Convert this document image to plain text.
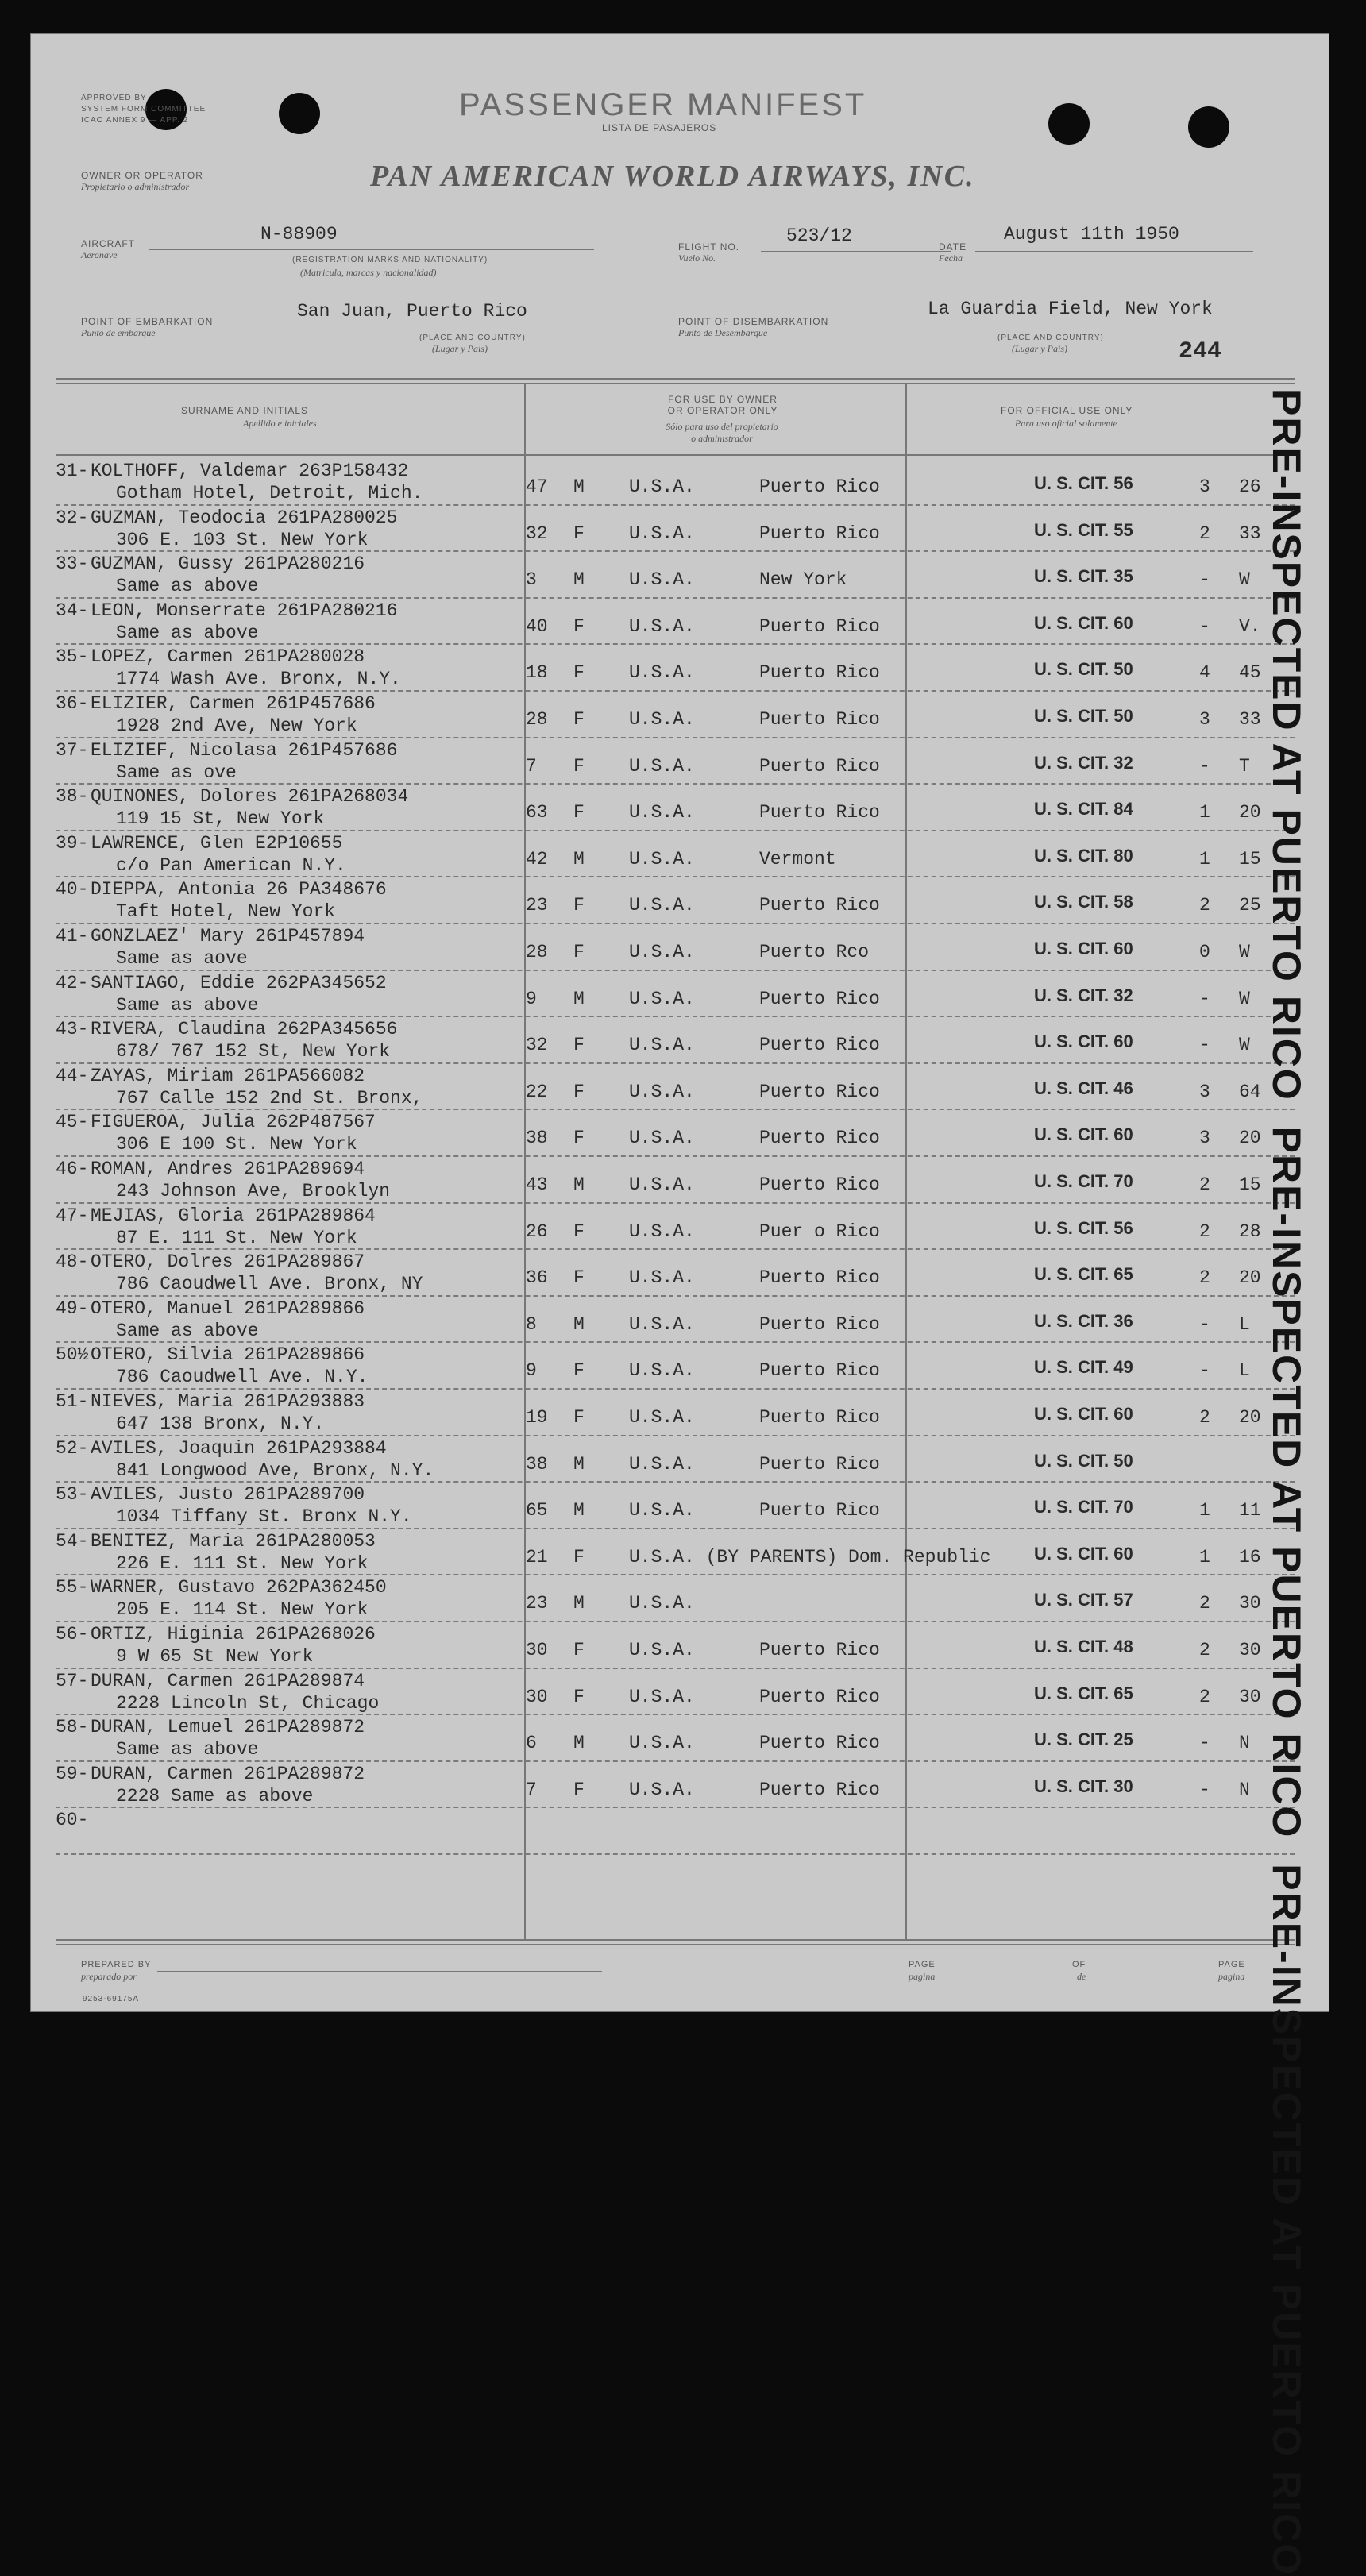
APPROVED BY
SYSTEM FORM COMMITTEE
ICAO ANNEX 9 — APP. 2	PASSENGER MANIFEST
LISTA DE PASAJEROS
OWNER OR OPERATOR
Propietario o administrador	PAN AMERICAN WORLD AIRWAYS, INC.
AIRCRAFT
Aeronave
N-88909
(REGISTRATION MARKS AND NATIONALITY)
(Matricula, marcas y nacionalidad)
FLIGHT NO.
Vuelo No.
523/12
DATE
Fecha
August 11th 1950
POINT OF EMBARKATION
Punto de embarque
San Juan, Puerto Rico
(PLACE AND COUNTRY)
(Lugar y Pais)
POINT OF DISEMBARKATION
Punto de Desembarque
La Guardia Field, New York
(PLACE AND COUNTRY)
(Lugar y Pais)	244
SURNAME AND INITIALS
Apellido e iniciales
FOR USE BY OWNER
OR OPERATOR ONLY
Sólo para uso del propietario
o administrador
FOR OFFICIAL USE ONLY
Para uso oficial solamente
31- KOLTHOFF, Valdemar 263P158432
Gotham Hotel, Detroit, Mich.	47 M U.S.A.	Puerto Rico	U. S. CIT. 56	3 26
32- GUZMAN, Teodocia 261PA280025
306 E. 103 St. New York	32 F U.S.A.	Puerto Rico	U. S. CIT. 55	2 33
33- GUZMAN, Gussy 261PA280216
Same as above	3 M U.S.A.	New York	U. S. CIT. 35	- W
34- LEON, Monserrate 261PA280216
Same as above	40 F U.S.A.	Puerto Rico	U. S. CIT. 60	- V.
35- LOPEZ, Carmen 261PA280028
1774 Wash Ave. Bronx, N.Y.	18 F U.S.A.	Puerto Rico	U. S. CIT. 50	4 45
36- ELIZIER, Carmen 261P457686
1928 2nd Ave, New York	28 F U.S.A.	Puerto Rico	U. S. CIT. 50	3 33
37- ELIZIEF, Nicolasa 261P457686
Same as ove	7 F U.S.A.	Puerto Rico	U. S. CIT. 32	- T
38- QUINONES, Dolores 261PA268034
119 15 St, New York	63 F U.S.A.	Puerto Rico	U. S. CIT. 84	1 20
39- LAWRENCE, Glen E2P10655
c/o Pan American N.Y.	42 M U.S.A.	Vermont	U. S. CIT. 80	1 15
40- DIEPPA, Antonia 26 PA348676
Taft Hotel, New York	23 F U.S.A.	Puerto Rico	U. S. CIT. 58	2 25
41- GONZLAEZ' Mary 261P457894
Same as aove	28 F U.S.A.	Puerto Rco	U. S. CIT. 60	0 W
42- SANTIAGO, Eddie 262PA345652
Same as above	9 M U.S.A.	Puerto Rico	U. S. CIT. 32	- W
43- RIVERA, Claudina 262PA345656
678/ 767 152 St, New York	32 F U.S.A.	Puerto Rico	U. S. CIT. 60	- W
44- ZAYAS, Miriam 261PA566082
767 Calle 152 2nd St. Bronx,	22 F U.S.A.	Puerto Rico	U. S. CIT. 46	3 64
45- FIGUEROA, Julia 262P487567
306 E 100 St. New York	38 F U.S.A.	Puerto Rico	U. S. CIT. 60	3 20
46- ROMAN, Andres 261PA289694
243 Johnson Ave, Brooklyn	43 M U.S.A.	Puerto Rico	U. S. CIT. 70	2 15
47- MEJIAS, Gloria 261PA289864
87 E. 111 St. New York	26 F U.S.A.	Puer o Rico	U. S. CIT. 56	2 28
48- OTERO, Dolres 261PA289867
786 Caoudwell Ave. Bronx, NY	36 F U.S.A.	Puerto Rico	U. S. CIT. 65	2 20
49- OTERO, Manuel 261PA289866
Same as above	8 M U.S.A.	Puerto Rico	U. S. CIT. 36	- L
50½ OTERO, Silvia 261PA289866
786 Caoudwell Ave. N.Y.	9 F U.S.A.	Puerto Rico	U. S. CIT. 49	- L
51- NIEVES, Maria 261PA293883
647 138 Bronx, N.Y.	19 F U.S.A.	Puerto Rico	U. S. CIT. 60	2 20
52- AVILES, Joaquin 261PA293884
841 Longwood Ave, Bronx, N.Y.	38 M U.S.A.	Puerto Rico	U. S. CIT. 50
53- AVILES, Justo 261PA289700
1034 Tiffany St. Bronx N.Y.	65 M U.S.A.	Puerto Rico	U. S. CIT. 70	1 11
54- BENITEZ, Maria 261PA280053
226 E. 111 St. New York	21 F U.S.A. (BY PARENTS) Dom. Republic U. S. CIT. 60	1 16
55- WARNER, Gustavo 262PA362450
205 E. 114 St. New York	23 M U.S.A.	U. S. CIT. 57	2 30
56- ORTIZ, Higinia 261PA268026
9 W 65 St New York	30 F U.S.A.	Puerto Rico	U. S. CIT. 48	2 30
57- DURAN, Carmen 261PA289874
2228 Lincoln St, Chicago	30 F U.S.A.	Puerto Rico	U. S. CIT. 65	2 30
58- DURAN, Lemuel 261PA289872
Same as above	6 M U.S.A.	Puerto Rico	U. S. CIT. 25	- N
59- DURAN, Carmen 261PA289872
2228 Same as above	7 F U.S.A.	Puerto Rico	U. S. CIT. 30	- N
60-
PREPARED BY
preparado por
PAGE
pagina
OF
de
PAGE
pagina
9253-69175A
PRE-INSPECTED AT PUERTO RICO  PRE-INSPECTED AT PUERTO RICO  PRE-INSPECTED AT PUERTO RICO
